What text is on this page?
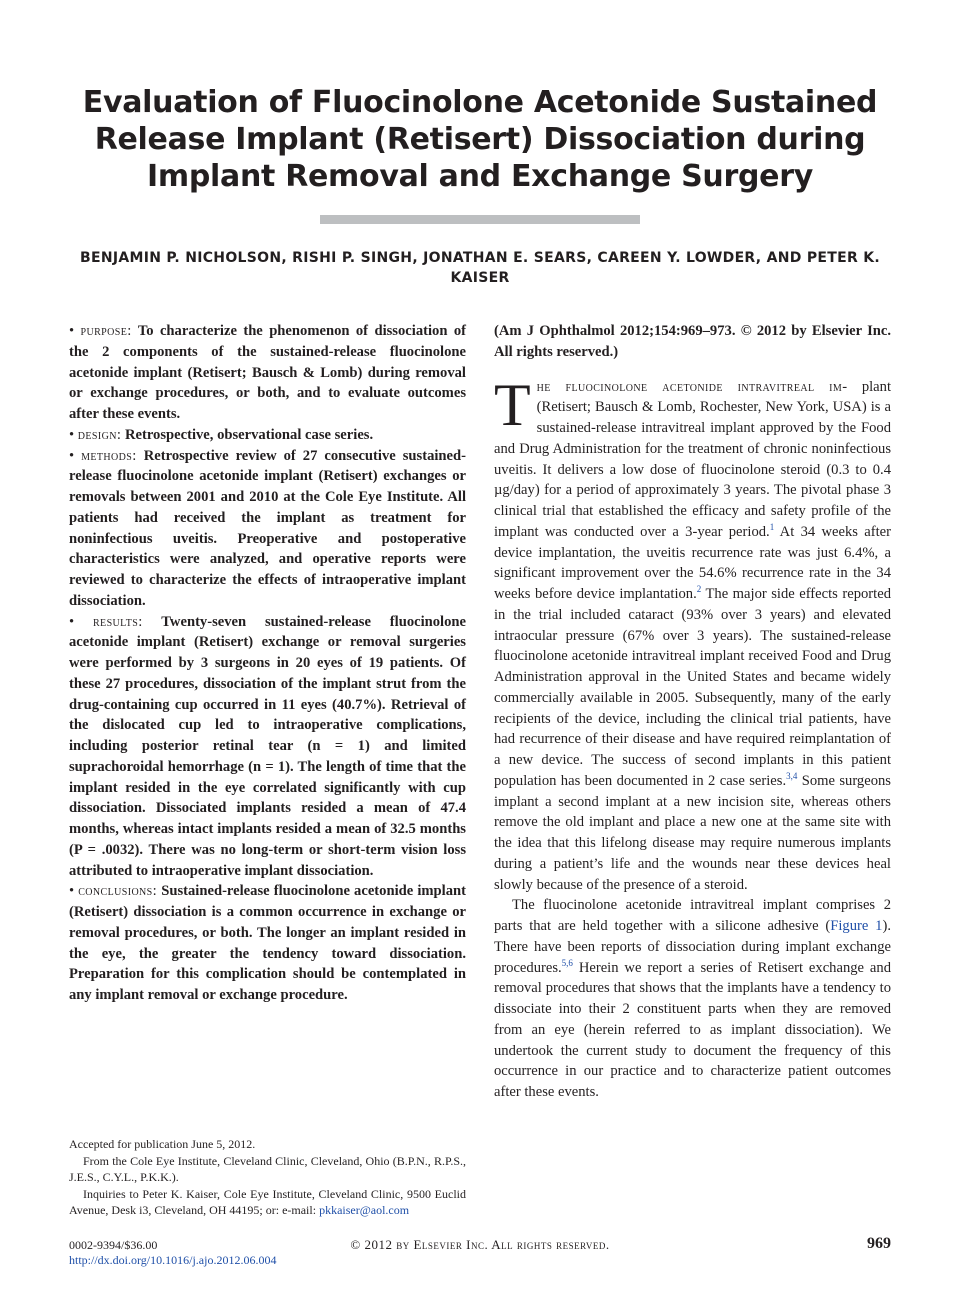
Evaluation of Fluocinolone Acetonide Sustained Release Implant (Retisert) Dissociation during Implant Removal and Exchange Surgery
BENJAMIN P. NICHOLSON, RISHI P. SINGH, JONATHAN E. SEARS, CAREEN Y. LOWDER, AND PETER K. KAISER

• purpose: To characterize the phenomenon of dissociation of the 2 components of the sustained-release fluocinolone acetonide implant (Retisert; Bausch & Lomb) during removal or exchange procedures, or both, and to evaluate outcomes after these events.

• design: Retrospective, observational case series.

• methods: Retrospective review of 27 consecutive sustained-release fluocinolone acetonide implant (Retisert) exchanges or removals between 2001 and 2010 at the Cole Eye Institute. All patients had received the implant as treatment for noninfectious uveitis. Preoperative and postoperative characteristics were analyzed, and operative reports were reviewed to characterize the effects of intraoperative implant dissociation.

• results: Twenty-seven sustained-release fluocinolone acetonide implant (Retisert) exchange or removal surgeries were performed by 3 surgeons in 20 eyes of 19 patients. Of these 27 procedures, dissociation of the implant strut from the drug-containing cup occurred in 11 eyes (40.7%). Retrieval of the dislocated cup led to intraoperative complications, including posterior retinal tear (n = 1) and limited suprachoroidal hemorrhage (n = 1). The length of time that the implant resided in the eye correlated significantly with cup dissociation. Dissociated implants resided a mean of 47.4 months, whereas intact implants resided a mean of 32.5 months (P = .0032). There was no long-term or short-term vision loss attributed to intraoperative implant dissociation.

• conclusions: Sustained-release fluocinolone acetonide implant (Retisert) dissociation is a common occurrence in exchange or removal procedures, or both. The longer an implant resided in the eye, the greater the tendency toward dissociation. Preparation for this complication should be contemplated in any implant removal or exchange procedure.

(Am J Ophthalmol 2012;154:969–973. © 2012 by Elsevier Inc. All rights reserved.)

The fluocinolone acetonide intravitreal im- plant (Retisert; Bausch & Lomb, Rochester, New York, USA) is a sustained-release intravitreal implant approved by the Food and Drug Administration for the treatment of chronic noninfectious uveitis. It delivers a low dose of fluocinolone steroid (0.3 to 0.4 µg/day) for a period of approximately 3 years. The pivotal phase 3 clinical trial that established the efficacy and safety profile of the implant was conducted over a 3-year period.$^1$ At 34 weeks after device implantation, the uveitis recurrence rate was just 6.4%, a significant improvement over the 54.6% recurrence rate in the 34 weeks before device implantation.$^2$ The major side effects reported in the trial included cataract (93% over 3 years) and elevated intraocular pressure (67% over 3 years). The sustained-release fluocinolone acetonide intravitreal implant received Food and Drug Administration approval in the United States and became widely commercially available in 2005. Subsequently, many of the early recipients of the device, including the clinical trial patients, have had recurrence of their disease and have required reimplantation of a new device. The success of second implants in this patient population has been documented in 2 case series.$^{3,4}$ Some surgeons implant a second implant at a new incision site, whereas others remove the old implant and place a new one at the same site with the idea that this lifelong disease may require numerous implants during a patient’s life and the wounds near these devices heal slowly because of the presence of a steroid.

The fluocinolone acetonide intravitreal implant comprises 2 parts that are held together with a silicone adhesive (Figure 1). There have been reports of dissociation during implant exchange procedures.$^{5,6}$ Herein we report a series of Retisert exchange and removal procedures that shows that the implants have a tendency to dissociate into their 2 constituent parts when they are removed from an eye (herein referred to as implant dissociation). We undertook the current study to document the frequency of this occurrence in our practice and to characterize patient outcomes after these events.

Accepted for publication June 5, 2012.

From the Cole Eye Institute, Cleveland Clinic, Cleveland, Ohio (B.P.N., R.P.S., J.E.S., C.Y.L., P.K.K.).

Inquiries to Peter K. Kaiser, Cole Eye Institute, Cleveland Clinic, 9500 Euclid Avenue, Desk i3, Cleveland, OH 44195; or: e-mail: pkkaiser@aol.com

0002-9394/$36.00
http://dx.doi.org/10.1016/j.ajo.2012.06.004
© 2012 by Elsevier Inc. All rights reserved.	969
